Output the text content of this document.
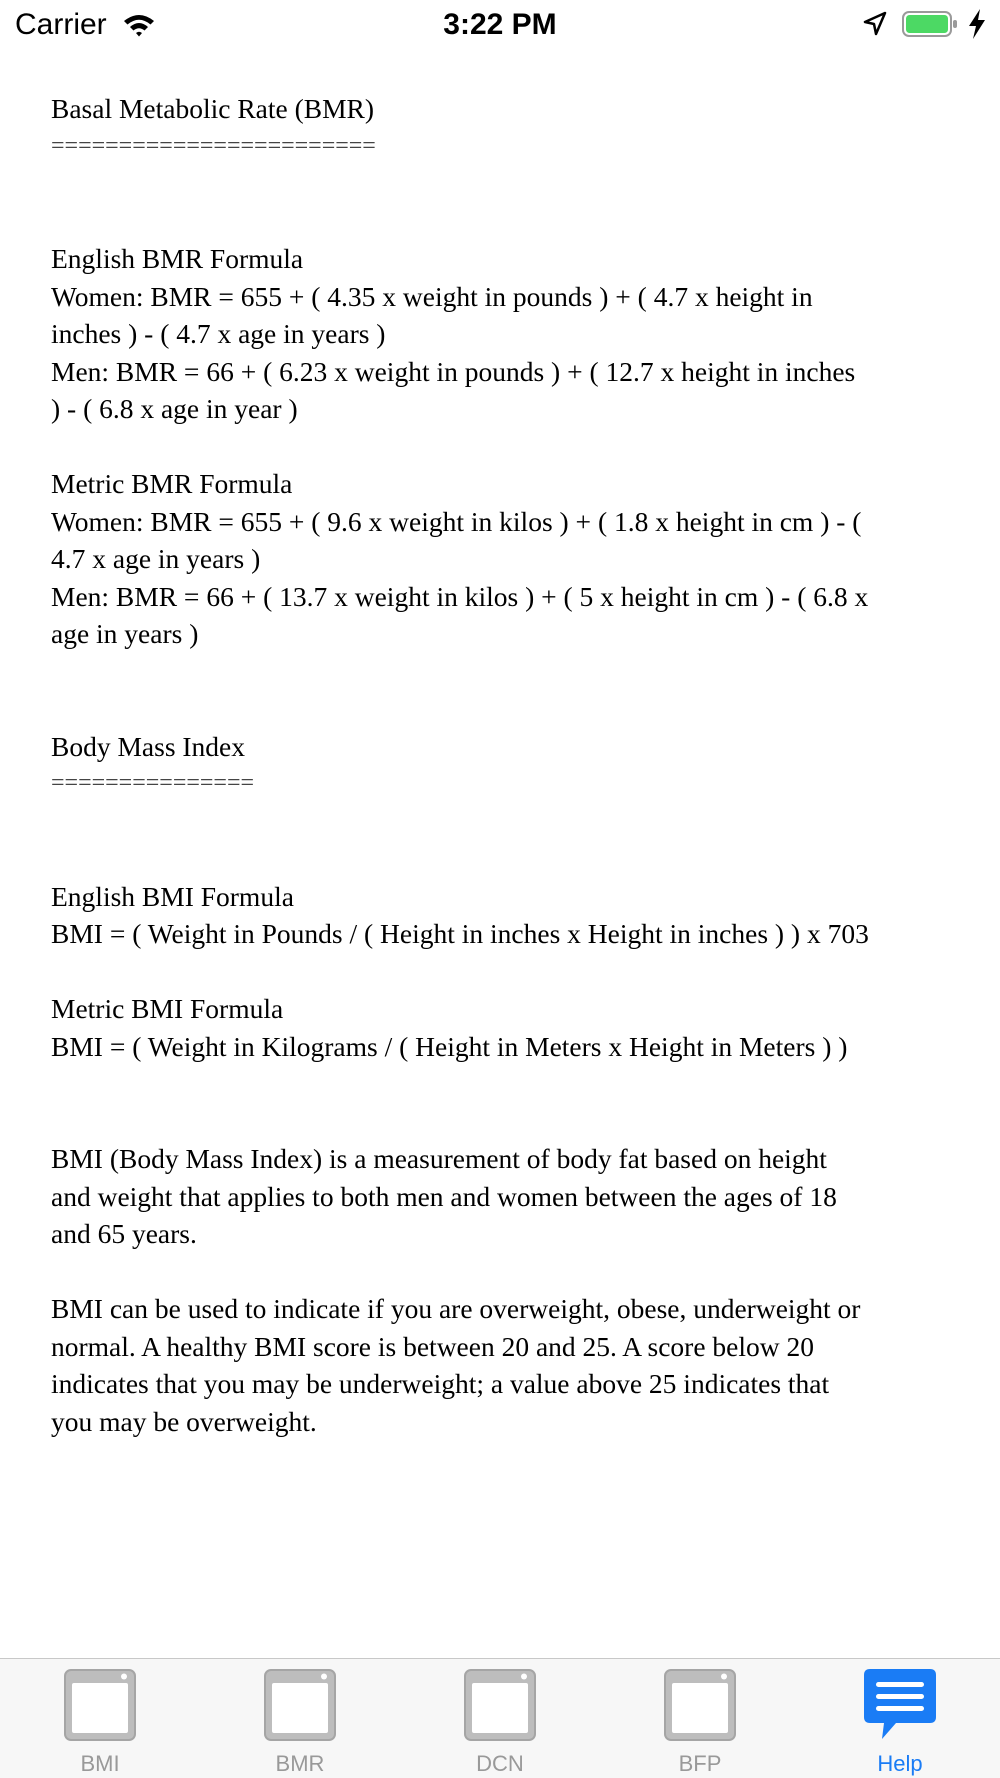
Carrier	3:22 PM
Basal Metabolic Rate (BMR)
========================
English BMR Formula
Women: BMR = 655 + ( 4.35 x weight in pounds ) + ( 4.7 x height in inches ) - ( 4.7 x age in years )
Men: BMR = 66 + ( 6.23 x weight in pounds ) + ( 12.7 x height in inches ) - ( 6.8 x age in year )
Metric BMR Formula
Women: BMR = 655 + ( 9.6 x weight in kilos ) + ( 1.8 x height in cm ) - ( 4.7 x age in years )
Men: BMR = 66 + ( 13.7 x weight in kilos ) + ( 5 x height in cm ) - ( 6.8 x age in years )
Body Mass Index
===============
English BMI Formula
BMI = ( Weight in Pounds / ( Height in inches x Height in inches ) ) x 703
Metric BMI Formula
BMI = ( Weight in Kilograms / ( Height in Meters x Height in Meters ) )
BMI (Body Mass Index) is a measurement of body fat based on height and weight that applies to both men and women between the ages of 18 and 65 years.
BMI can be used to indicate if you are overweight, obese, underweight or normal. A healthy BMI score is between 20 and 25. A score below 20 indicates that you may be underweight; a value above 25 indicates that you may be overweight.
BMI	BMR	DCN	BFP	Help
